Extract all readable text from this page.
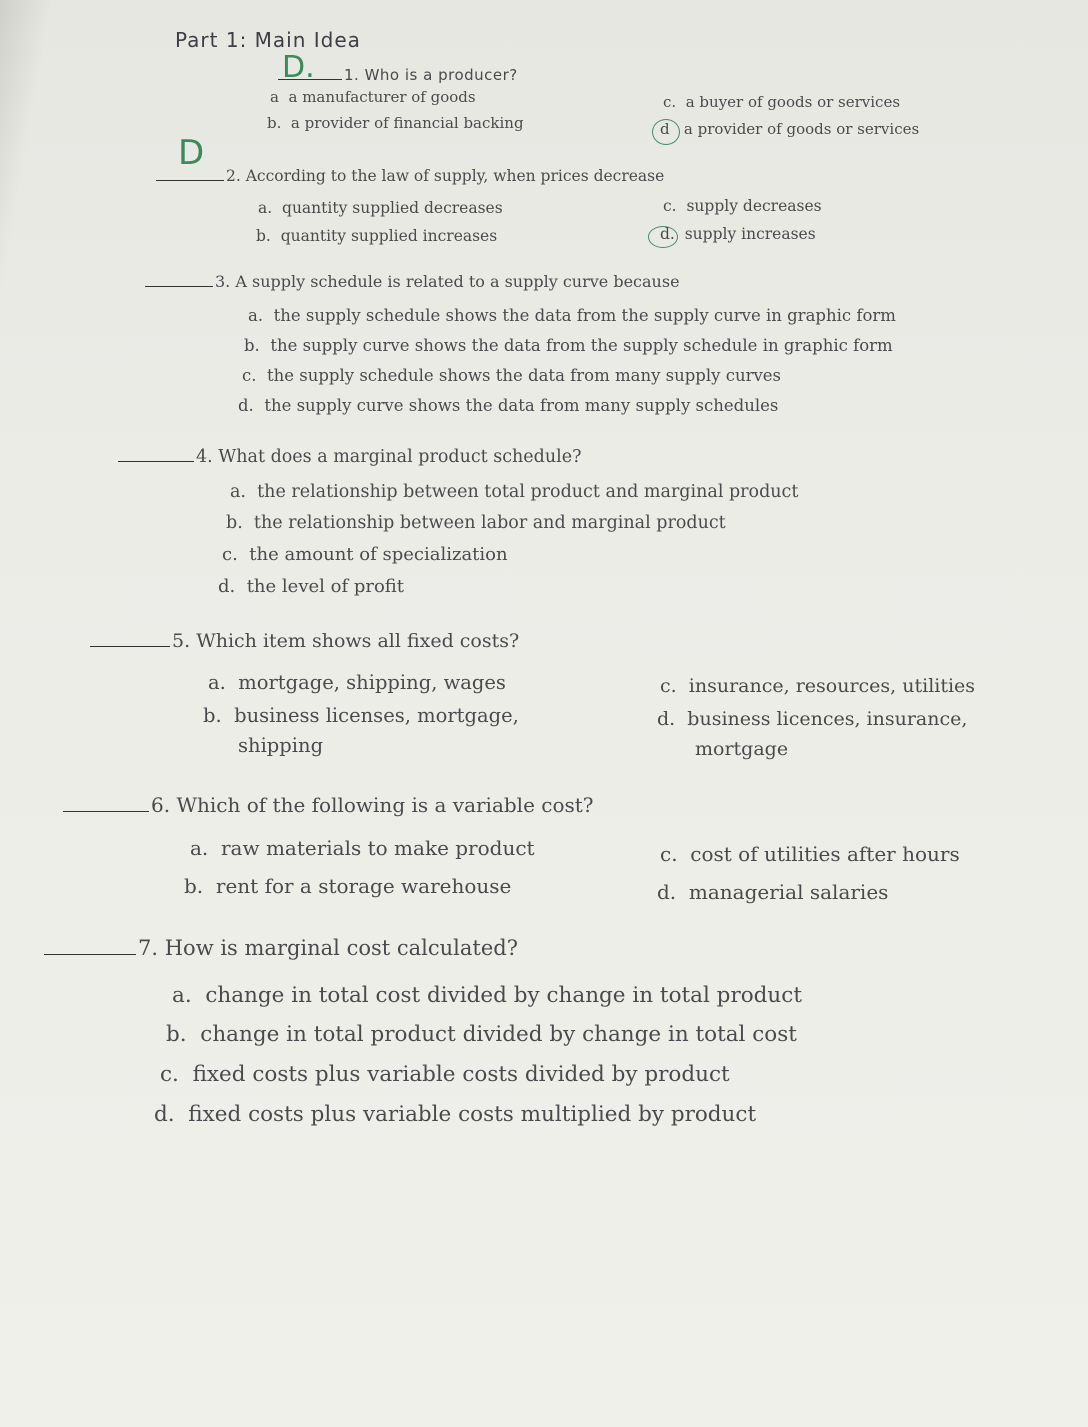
Part 1: Main Idea
D.	1. Who is a producer?
a a manufacturer of goods
b. a provider of financial backing
c. a buyer of goods or services
d a provider of goods or services
D
2. According to the law of supply, when prices decrease
a. quantity supplied decreases
b. quantity supplied increases
c. supply decreases
d. supply increases
3. A supply schedule is related to a supply curve because
a. the supply schedule shows the data from the supply curve in graphic form
b. the supply curve shows the data from the supply schedule in graphic form
c. the supply schedule shows the data from many supply curves
d. the supply curve shows the data from many supply schedules
4. What does a marginal product schedule?
a. the relationship between total product and marginal product
b. the relationship between labor and marginal product
c. the amount of specialization
d. the level of profit
5. Which item shows all fixed costs?
a. mortgage, shipping, wages
b. business licenses, mortgage,
shipping
c. insurance, resources, utilities
d. business licences, insurance,
mortgage
6. Which of the following is a variable cost?
a. raw materials to make product
b. rent for a storage warehouse
c. cost of utilities after hours
d. managerial salaries
7. How is marginal cost calculated?
a. change in total cost divided by change in total product
b. change in total product divided by change in total cost
c. fixed costs plus variable costs divided by product
d. fixed costs plus variable costs multiplied by product
